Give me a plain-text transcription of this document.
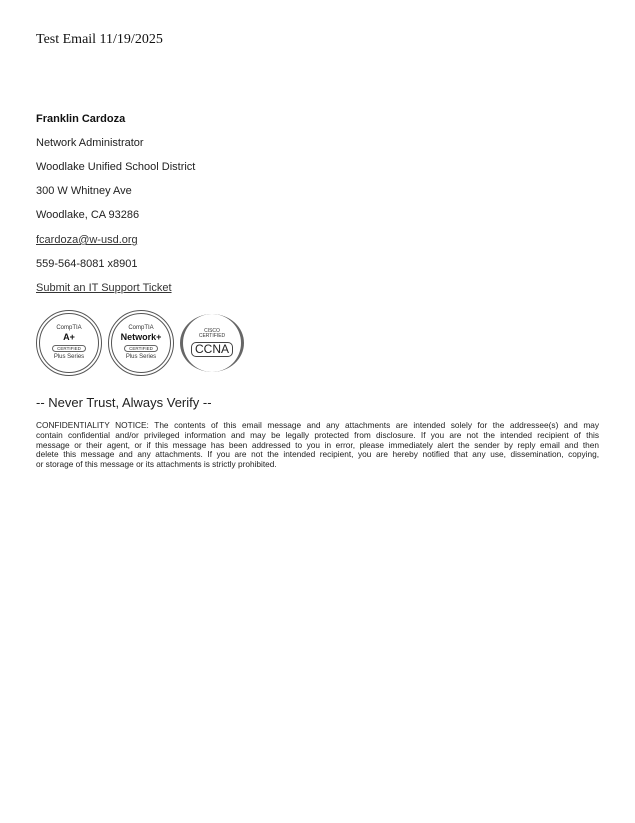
Test Email 11/19/2025
Franklin Cardoza
Network Administrator
Woodlake Unified School District
300 W Whitney Ave
Woodlake, CA 93286
fcardoza@w-usd.org
559-564-8081 x8901
Submit an IT Support Ticket
CompTIA
A+
CERTIFIED
Plus Series
CompTIA
Network+
CERTIFIED
Plus Series
CISCO CERTIFIED
CCNA
-- Never Trust, Always Verify --
CONFIDENTIALITY NOTICE: The contents of this email message and any attachments are intended solely for the addressee(s) and may
contain confidential and/or privileged information and may be legally protected from disclosure. If you are not the intended recipient of this
message or their agent, or if this message has been addressed to you in error, please immediately alert the sender by reply email and then
delete this message and any attachments. If you are not the intended recipient, you are hereby notified that any use, dissemination, copying,
or storage of this message or its attachments is strictly prohibited.
